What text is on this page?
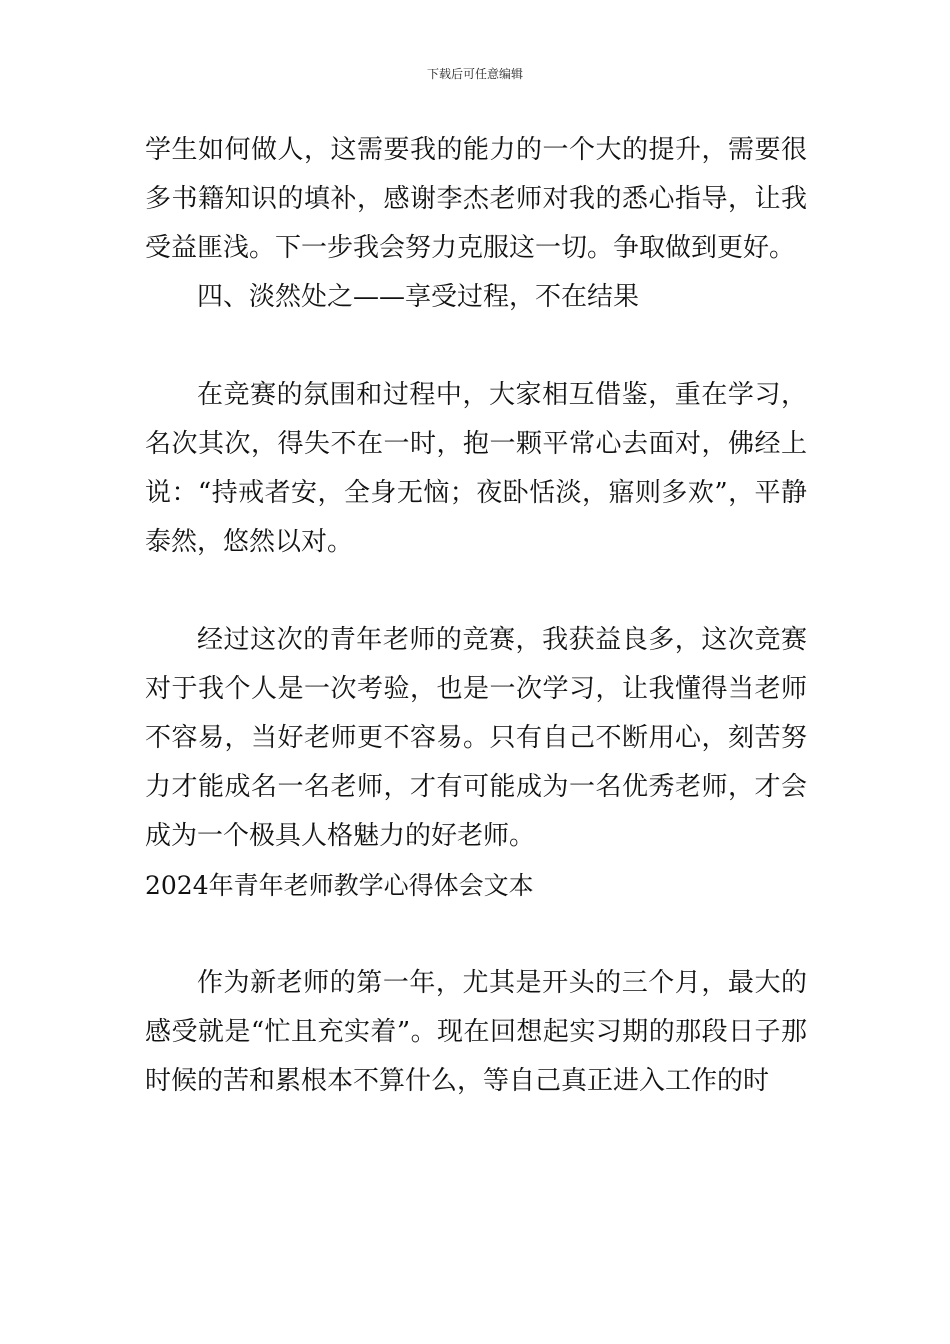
下载后可任意编辑

学生如何做人，这需要我的能力的一个大的提升，需要很多书籍知识的填补，感谢李杰老师对我的悉心指导，让我受益匪浅。下一步我会努力克服这一切。争取做到更好。

四、淡然处之——享受过程，不在结果

在竞赛的氛围和过程中，大家相互借鉴，重在学习，名次其次，得失不在一时，抱一颗平常心去面对，佛经上说：“持戒者安，全身无恼；夜卧恬淡，寤则多欢”，平静泰然，悠然以对。

经过这次的青年老师的竞赛，我获益良多，这次竞赛对于我个人是一次考验，也是一次学习，让我懂得当老师不容易，当好老师更不容易。只有自己不断用心，刻苦努力才能成名一名老师，才有可能成为一名优秀老师，才会成为一个极具人格魅力的好老师。

2024年青年老师教学心得体会文本

作为新老师的第一年，尤其是开头的三个月，最大的感受就是“忙且充实着”。现在回想起实习期的那段日子那时候的苦和累根本不算什么，等自己真正进入工作的时
